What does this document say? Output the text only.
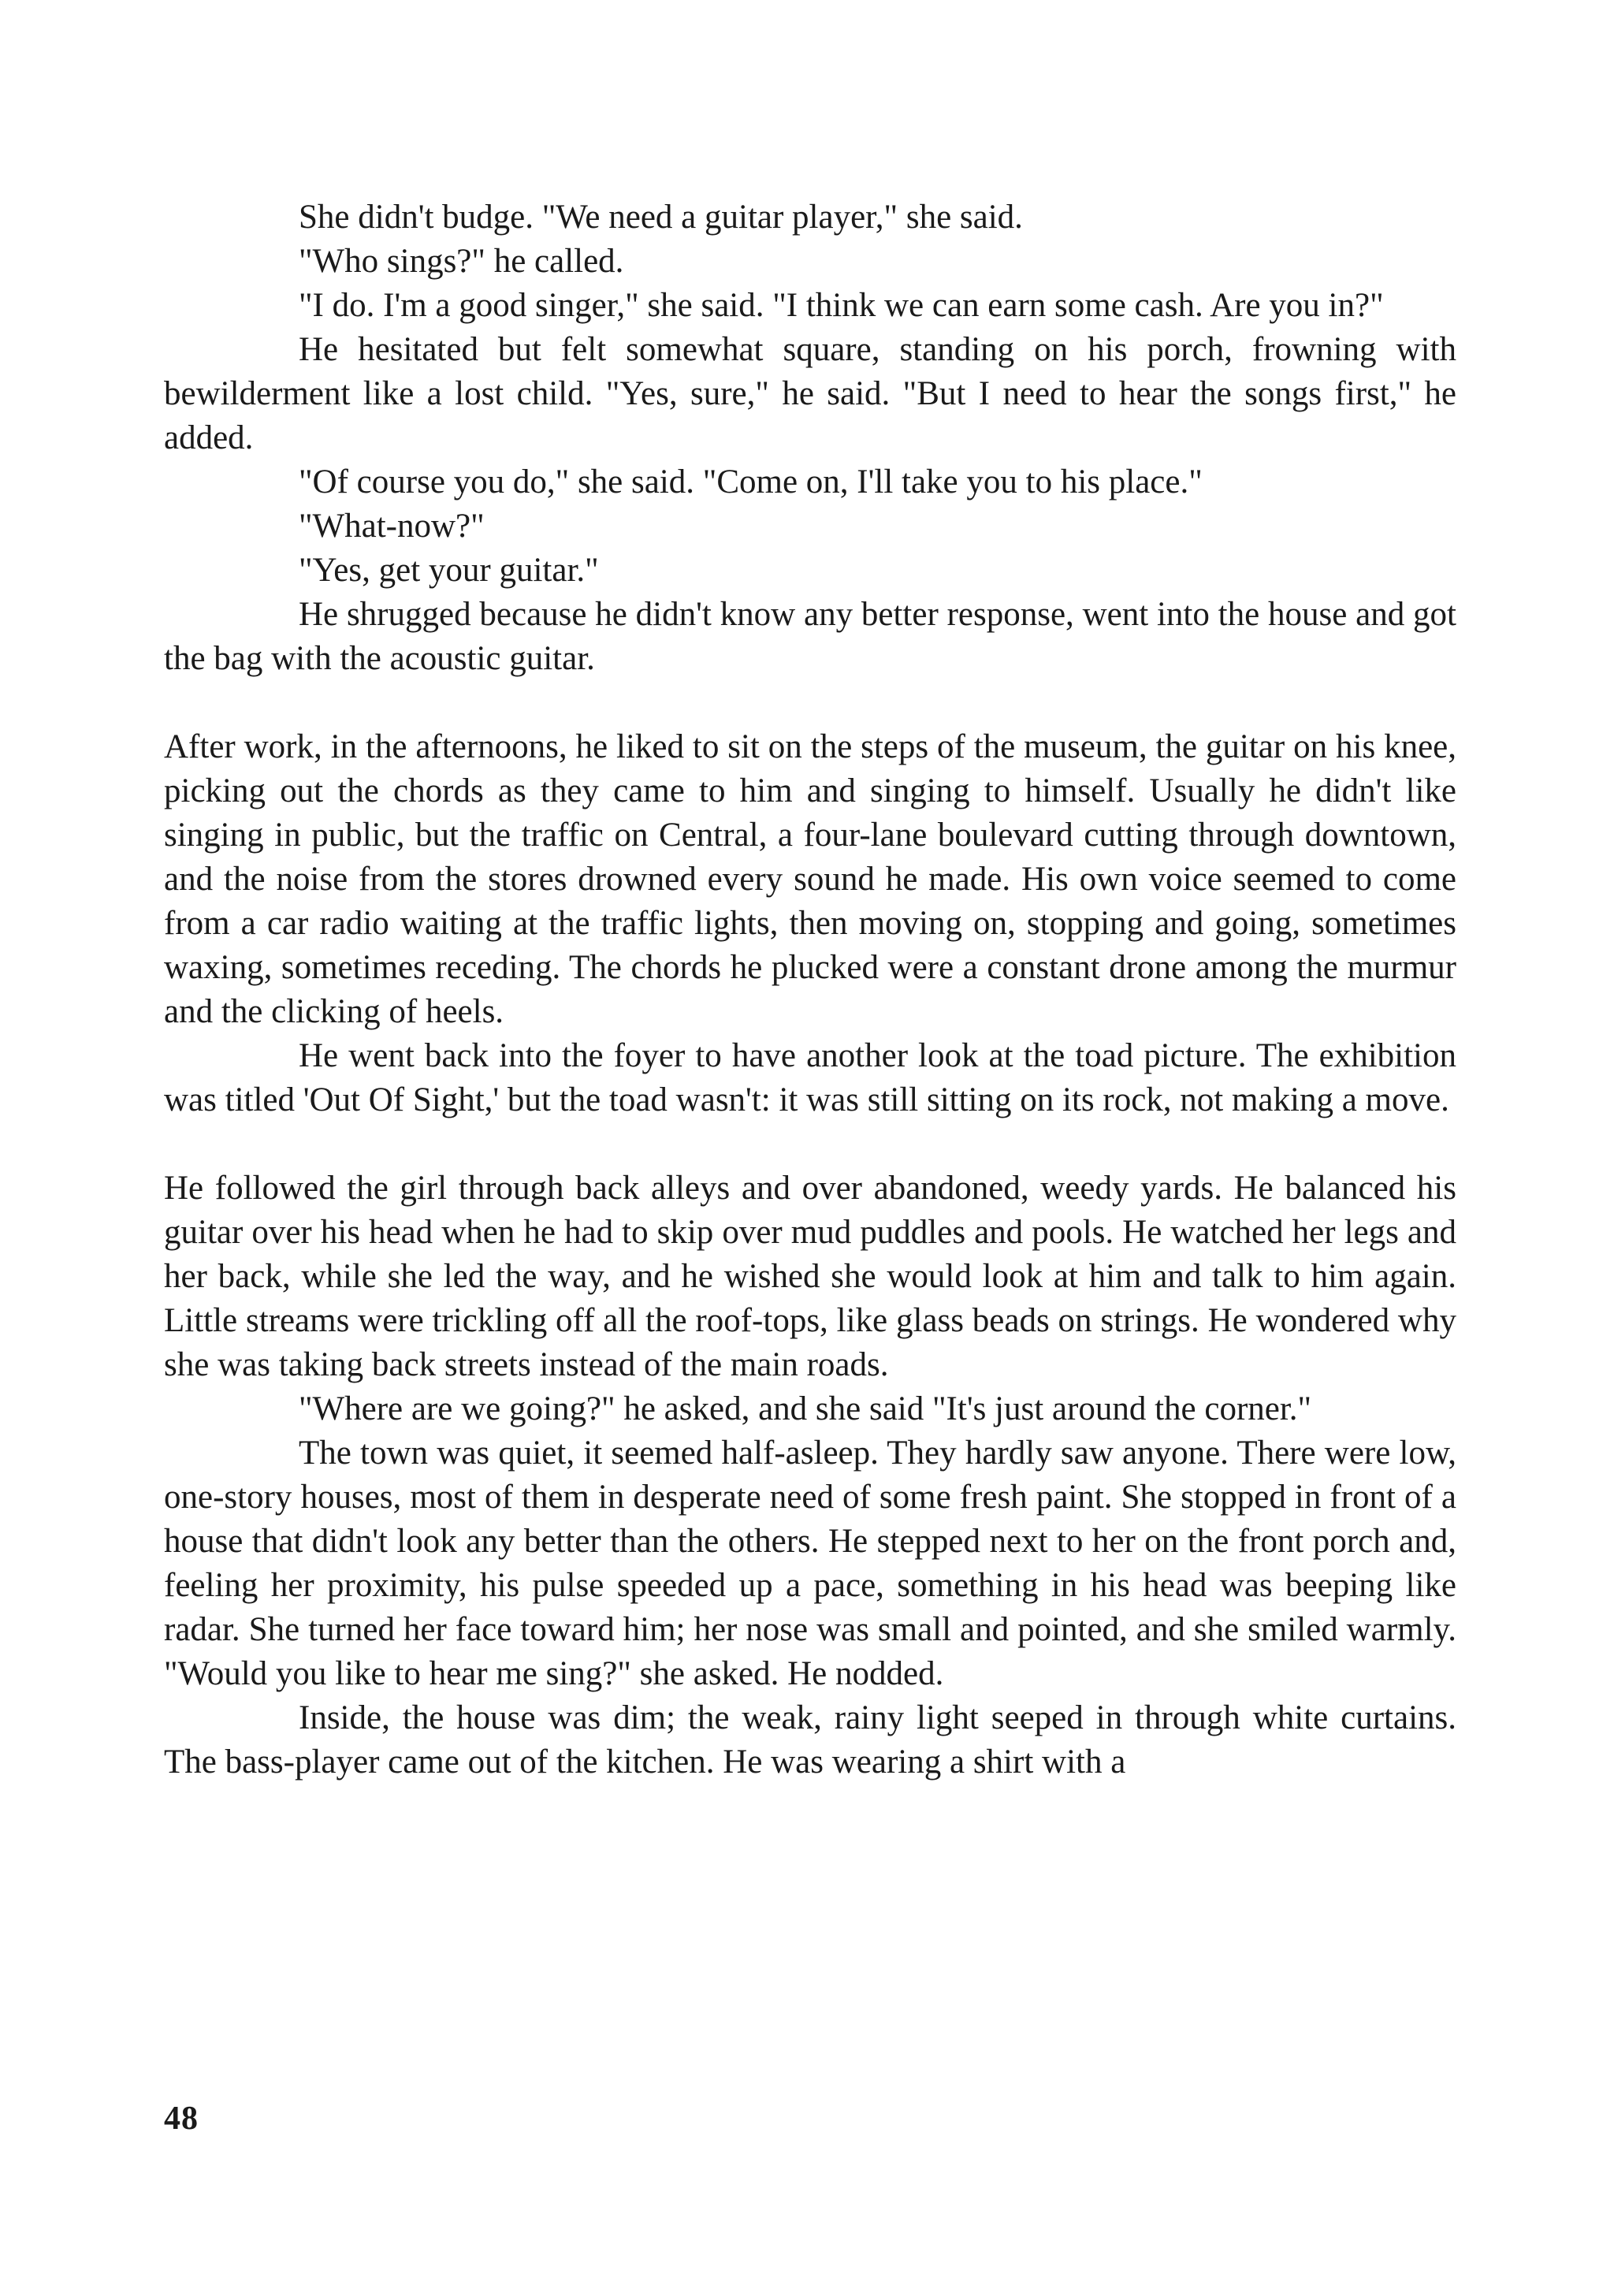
She didn't budge. "We need a guitar player," she said.

"Who sings?" he called.

"I do. I'm a good singer," she said. "I think we can earn some cash. Are you in?"

He hesitated but felt somewhat square, standing on his porch, frowning with bewilderment like a lost child. "Yes, sure," he said. "But I need to hear the songs first," he added.

"Of course you do," she said. "Come on, I'll take you to his place."

"What-now?"

"Yes, get your guitar."

He shrugged because he didn't know any better response, went into the house and got the bag with the acoustic guitar.

After work, in the afternoons, he liked to sit on the steps of the museum, the guitar on his knee, picking out the chords as they came to him and singing to himself. Usually he didn't like singing in public, but the traffic on Central, a four-lane boulevard cutting through downtown, and the noise from the stores drowned every sound he made. His own voice seemed to come from a car radio waiting at the traffic lights, then moving on, stopping and going, sometimes waxing, sometimes receding. The chords he plucked were a constant drone among the murmur and the clicking of heels.

He went back into the foyer to have another look at the toad picture. The exhibition was titled 'Out Of Sight,' but the toad wasn't: it was still sitting on its rock, not making a move.

He followed the girl through back alleys and over abandoned, weedy yards. He balanced his guitar over his head when he had to skip over mud puddles and pools. He watched her legs and her back, while she led the way, and he wished she would look at him and talk to him again. Little streams were trickling off all the roof-tops, like glass beads on strings. He wondered why she was taking back streets instead of the main roads.

"Where are we going?" he asked, and she said "It's just around the corner."

The town was quiet, it seemed half-asleep. They hardly saw anyone. There were low, one-story houses, most of them in desperate need of some fresh paint. She stopped in front of a house that didn't look any better than the others. He stepped next to her on the front porch and, feeling her proximity, his pulse speeded up a pace, something in his head was beeping like radar. She turned her face toward him; her nose was small and pointed, and she smiled warmly. "Would you like to hear me sing?" she asked. He nodded.

Inside, the house was dim; the weak, rainy light seeped in through white curtains. The bass-player came out of the kitchen. He was wearing a shirt with a

48
